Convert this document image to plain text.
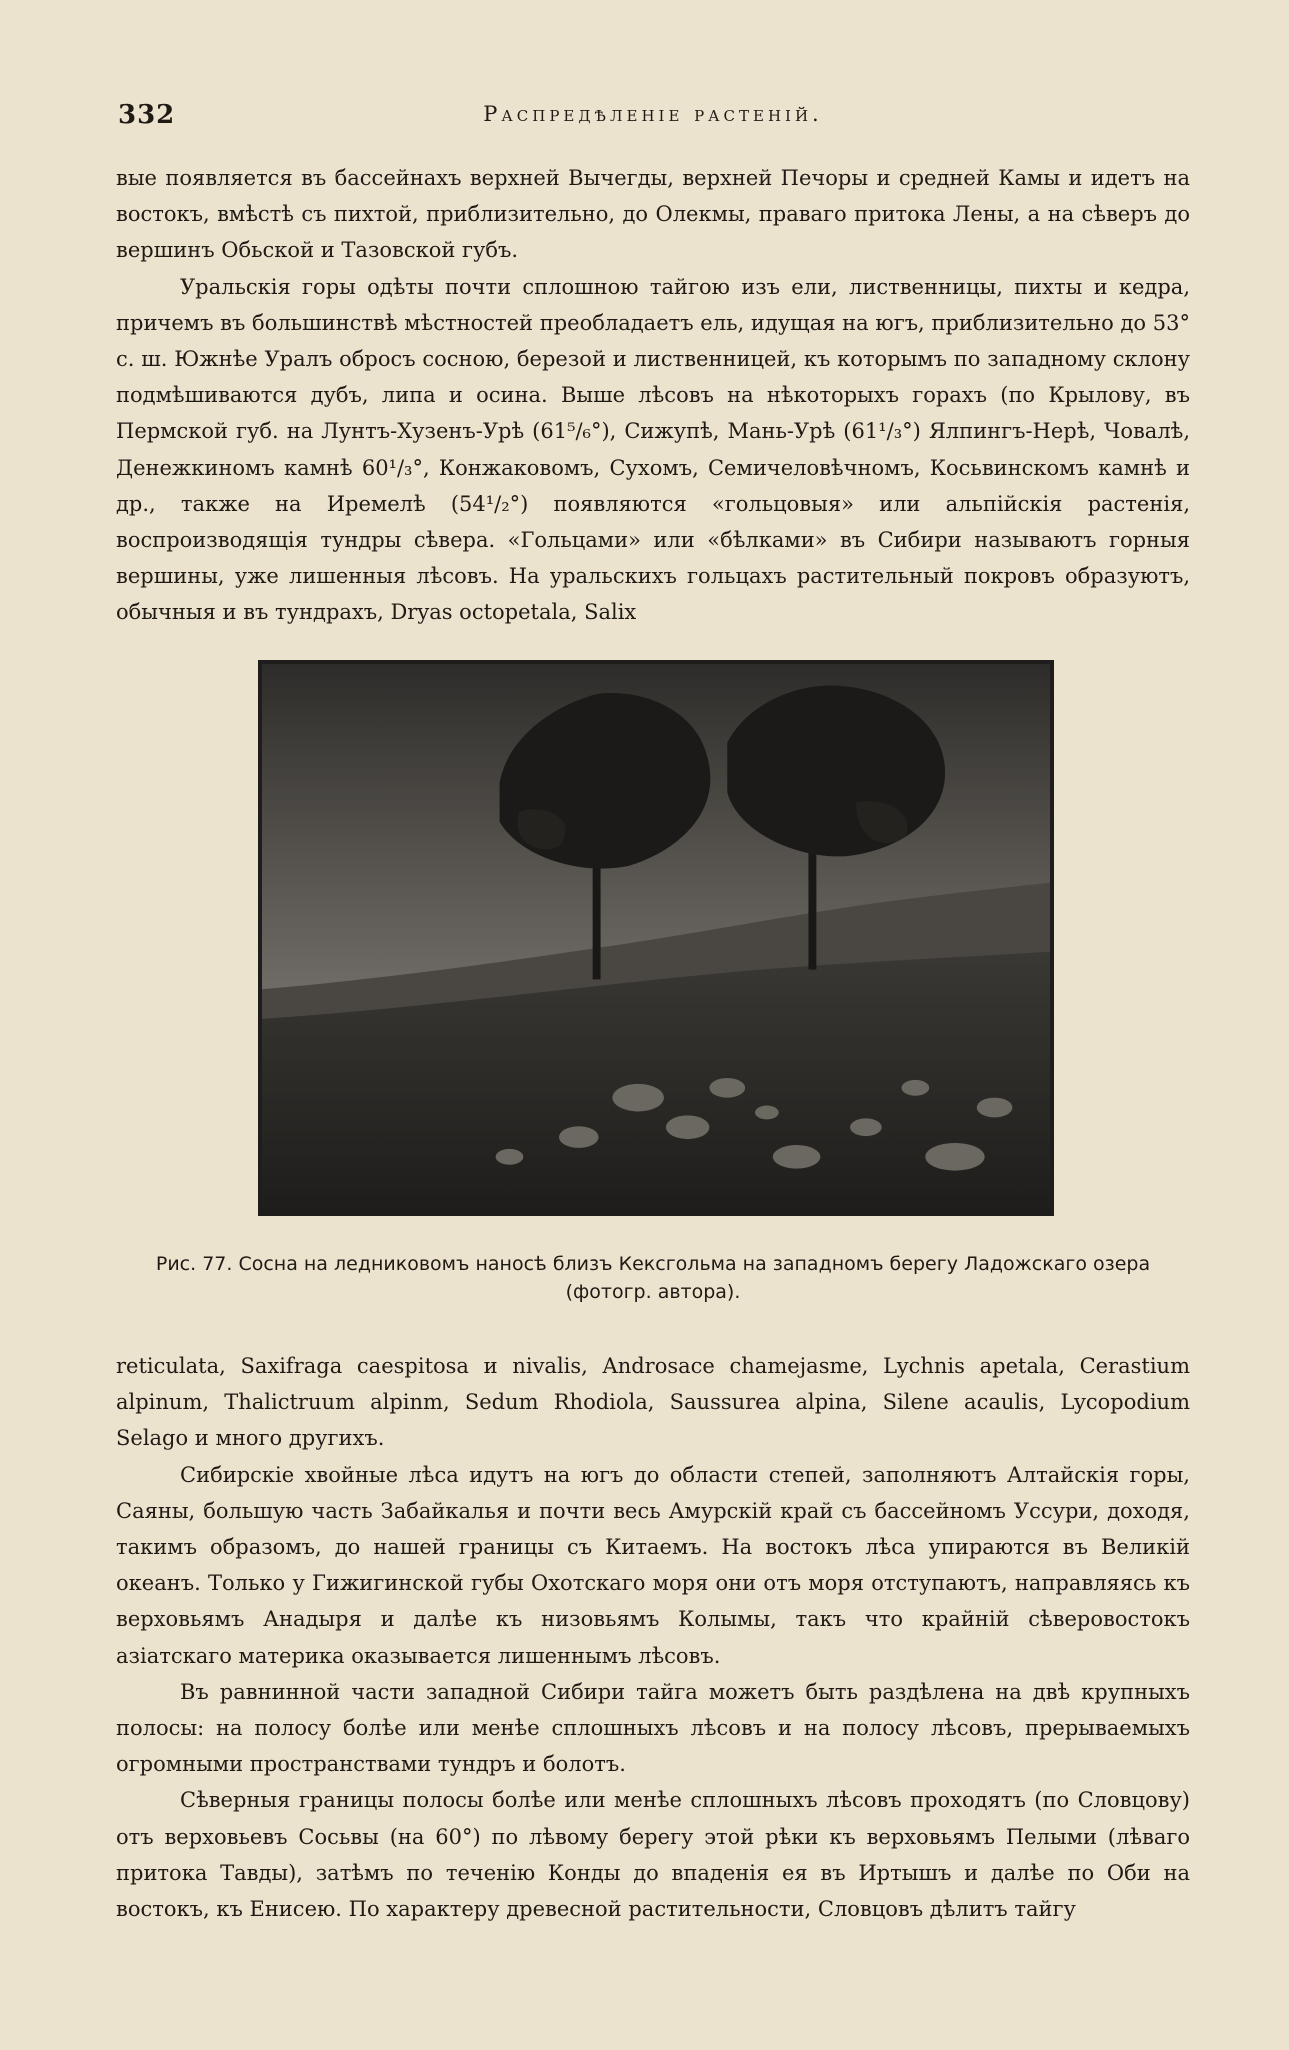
332	Распредѣленіе растеній.

вые появляется въ бассейнахъ верхней Вычегды, верхней Печоры и средней Камы и идетъ на востокъ, вмѣстѣ съ пихтой, приблизительно, до Олекмы, праваго притока Лены, а на сѣверъ до вершинъ Обьской и Тазовской губъ.

Уральскія горы одѣты почти сплошною тайгою изъ ели, лиственницы, пихты и кедра, причемъ въ большинствѣ мѣстностей преобладаетъ ель, идущая на югъ, приблизительно до 53° с. ш. Южнѣе Уралъ обросъ сосною, березой и лиственницей, къ которымъ по западному склону подмѣшиваются дубъ, липа и осина. Выше лѣсовъ на нѣкоторыхъ горахъ (по Крылову, въ Пермской губ. на Лунтъ-Хузенъ-Урѣ (61⁵/₆°), Сижупѣ, Мань-Урѣ (61¹/₃°) Ялпингъ-Нерѣ, Човалѣ, Денежкиномъ камнѣ 60¹/₃°, Конжаковомъ, Сухомъ, Семичеловѣчномъ, Косьвинскомъ камнѣ и др., также на Иремелѣ (54¹/₂°) появляются «гольцовыя» или альпійскія растенія, воспроизводящія тундры сѣвера. «Гольцами» или «бѣлками» въ Сибири называютъ горныя вершины, уже лишенныя лѣсовъ. На уральскихъ гольцахъ растительный покровъ образуютъ, обычныя и въ тундрахъ, Dryas octopetala, Salix

Рис. 77. Сосна на ледниковомъ наносѣ близъ Кексгольма на западномъ берегу Ладожскаго озера
(фотогр. автора).

reticulata, Saxifraga caespitosa и nivalis, Androsace chamejasme, Lychnis apetala, Cerastium alpinum, Thalictruum alpinm, Sedum Rhodiola, Saussurea alpina, Silene acaulis, Lycopodium Selago и много другихъ.

Сибирскіе хвойные лѣса идутъ на югъ до области степей, заполняютъ Алтайскія горы, Саяны, большую часть Забайкалья и почти весь Амурскій край съ бассейномъ Уссури, доходя, такимъ образомъ, до нашей границы съ Китаемъ. На востокъ лѣса упираются въ Великій океанъ. Только у Гижигинской губы Охотскаго моря они отъ моря отступаютъ, направляясь къ верховьямъ Анадыря и далѣе къ низовьямъ Колымы, такъ что крайній сѣверовостокъ азіатскаго материка оказывается лишеннымъ лѣсовъ.

Въ равнинной части западной Сибири тайга можетъ быть раздѣлена на двѣ крупныхъ полосы: на полосу болѣе или менѣе сплошныхъ лѣсовъ и на полосу лѣсовъ, прерываемыхъ огромными пространствами тундръ и болотъ.

Сѣверныя границы полосы болѣе или менѣе сплошныхъ лѣсовъ проходятъ (по Словцову) отъ верховьевъ Сосьвы (на 60°) по лѣвому берегу этой рѣки къ верховьямъ Пелыми (лѣваго притока Тавды), затѣмъ по теченію Конды до впаденія ея въ Иртышъ и далѣе по Оби на востокъ, къ Енисею. По характеру древесной растительности, Словцовъ дѣлитъ тайгу
